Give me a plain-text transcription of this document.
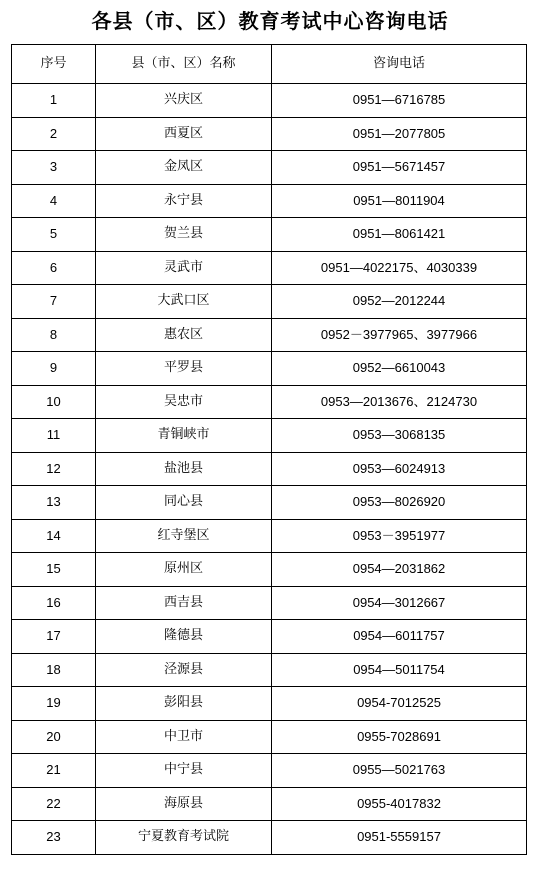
各县（市、区）教育考试中心咨询电话
序号	县（市、区）名称	咨询电话
1	兴庆区	0951—6716785
2	西夏区	0951—2077805
3	金凤区	0951—5671457
4	永宁县	0951—8011904
5	贺兰县	0951—8061421
6	灵武市	0951—4022175、4030339
7	大武口区	0952—2012244
8	惠农区	0952－3977965、3977966
9	平罗县	0952—6610043
10	吴忠市	0953—2013676、2124730
11	青铜峡市	0953—3068135
12	盐池县	0953—6024913
13	同心县	0953—8026920
14	红寺堡区	0953－3951977
15	原州区	0954—2031862
16	西吉县	0954—3012667
17	隆德县	0954—6011757
18	泾源县	0954—5011754
19	彭阳县	0954-7012525
20	中卫市	0955-7028691
21	中宁县	0955—5021763
22	海原县	0955-4017832
23	宁夏教育考试院	0951-5559157
